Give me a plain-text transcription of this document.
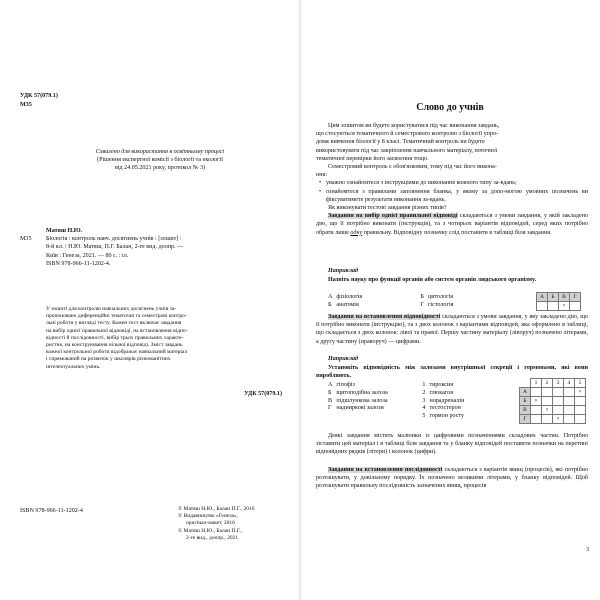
УДК 57(079.1)
М35

Схвалено для використання в освітньому процесі

(Рішення експертної комісії з біології та екології

від 24.05.2021 року, протокол № 3)

Матяш Н.Ю.

М35	Біологія : контроль навч. досягнень учнів : [зошит] :

8-й кл. / Н.Ю. Матяш, П.Г. Балан, 2-ге вид. доопр. —

Київ : Генеза, 2021. — 80 с. : іл.

ISBN 978-966-11-1202-4.

У зошиті для контролю навчальних досягнень учнів за-

пропоновано диференційні тематичні та семестрові контро-

льні роботи у вигляді тесту. Кожен тест включає завдання

на вибір однієї правильної відповіді, на встановлення відпо-

відності й послідовності, вибір трьох правильних характе-

ристик, на конструювання вільної відповіді. Зміст завдань

кожної контрольної роботи відображає навчальний матеріал

і спрямований на розвиток у школярів різноманітних

інтелектуальних умінь.

УДК 57(079.1)
ISBN 978-966-11-1202-4	© Матяш Н.Ю., Балан П.Г., 2016

© Видавництво «Генеза»,

оригінал-макет, 2016

© Матяш Н.Ю., Балан П.Г.,

2-ге вид., доопр., 2021

Слово до учнів

Цим зошитом ви будете користуватися під час виконання завдань,

що стосуються тематичного й семестрового контролю з біології упро-

довж вивчення біології у 8 класі. Тематичний контроль ви будете

використовувати під час закріплення навчального матеріалу, поточної

тематичної перевірки його засвоєння тощо.

Семестровий контроль є обов'язковим, тому під час його викона-

ння:

• уважно ознайомтеся з інструкціями до виконання кожного типу за-вдань;
• ознайомтеся з правилами заповнення бланка, у якому за допо-могою умовних позначень ви фіксуватимете результати виконання за-вдань.

Як виконувати тестові завдання різних типів?

Завдання на вибір однієї правильної відповіді складаються з умови завдання, у якій закладено дію, що її потрібно виконати (інструкція), та з чотирьох варіантів відповідей, серед яких потрібно обрати лише одну правильну. Відповідну позначку слід поставити в таблиці біля завдання.

Наприклад

Назвіть науку про функції органів або систем органів людського організму.

А	фізіологія	Б	цитологія
Б	анатомія	Г	гістологія
А	Б	В	Г
		×	

Завдання на встановлення відповідності складаються з умови завдання, у яку закладено дію, що її потрібно виконати (інструкцію), та з двох колонок з варіантами відповідей, яка оформлено в таблиці, що складається з двох колонок: лівої та правої. Першу частину матеріалу (ліворуч) позначено літерами, а другу частину (праворуч) — цифрами.

Наприклад

Установіть відповідність між залозами внутрішньої секреції і гормонами, які вони виробляють.

А	гіпофіз	1	тироксин
Б	щитоподібна залоза	2	глюкагон
В	підшлункова залоза	3	норадреналін
Г	надниркові залози	4	тестостерон
		5	гормон росту
	1	2	3	4	5
А					×
Б	×				
В		×			
Г			×		

Деякі завдання містять малюнки із цифровими позначеннями складових частин. Потрібно зіставити цей матеріал і в таблиці біля завдання та у бланку відповідей поставити позначки на перетині відповідних рядків (літери) і колонок (цифри).

Завдання на встановлення послідовності складаються з варіантів явищ (процесів), які потрібно розташувати, у довільному порядку. Їх позначено великими літерами, у бланку відповідей. Щоб розташувати правильну послідовність зазначених явищ, процесів

3
